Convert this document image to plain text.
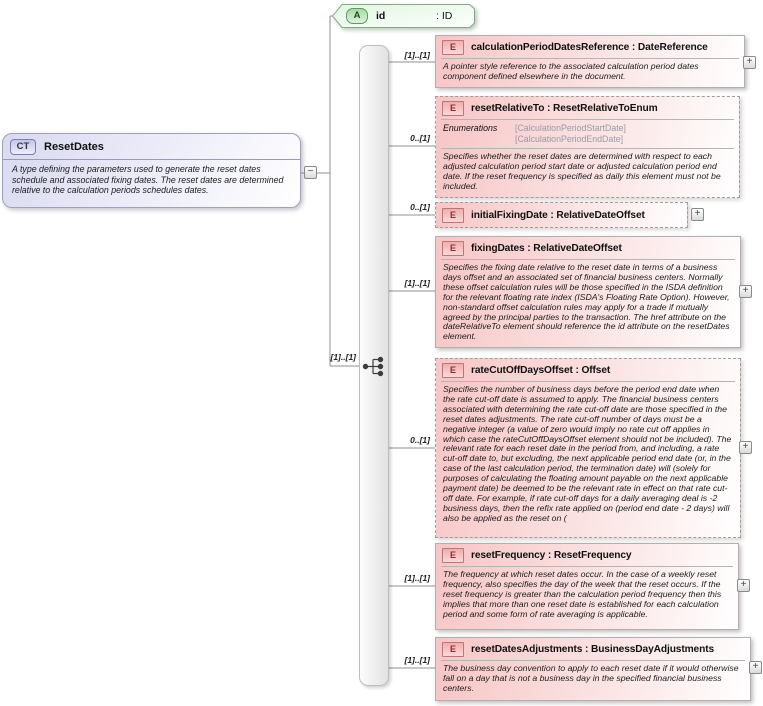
CT	ResetDates
A type defining the parameters used to generate the reset dates schedule and associated fixing dates. The reset dates are determined relative to the calculation periods schedules dates.
−
A	id	: ID
[1]..[1]
[1]..[1]
0..[1]
0..[1]
[1]..[1]
0..[1]
[1]..[1]
[1]..[1]
E	calculationPeriodDatesReference : DateReference
A pointer style reference to the associated calculation period dates component defined elsewhere in the document.
+
E	resetRelativeTo : ResetRelativeToEnum
Enumerations	[CalculationPeriodStartDate]
[CalculationPeriodEndDate]
Specifies whether the reset dates are determined with respect to each adjusted calculation period start date or adjusted calculation period end date. If the reset frequency is specified as daily this element must not be included.
E	initialFixingDate : RelativeDateOffset	+
E	fixingDates : RelativeDateOffset
Specifies the fixing date relative to the reset date in terms of a business days offset and an associated set of financial business centers. Normally these offset calculation rules will be those specified in the ISDA definition for the relevant floating rate index (ISDA's Floating Rate Option). However, non-standard offset calculation rules may apply for a trade if mutually agreed by the principal parties to the transaction. The href attribute on the dateRelativeTo element should reference the id attribute on the resetDates element.
+
E	rateCutOffDaysOffset : Offset
Specifies the number of business days before the period end date when the rate cut-off date is assumed to apply. The financial business centers associated with determining the rate cut-off date are those specified in the reset dates adjustments. The rate cut-off number of days must be a negative integer (a value of zero would imply no rate cut off applies in which case the rateCutOffDaysOffset element should not be included). The relevant rate for each reset date in the period from, and including, a rate cut-off date to, but excluding, the next applicable period end date (or, in the case of the last calculation period, the termination date) will (solely for purposes of calculating the floating amount payable on the next applicable payment date) be deemed to be the relevant rate in effect on that rate cut-off date. For example, if rate cut-off days for a daily averaging deal is -2 business days, then the refix rate applied on (period end date - 2 days) will also be applied as the reset on (
+
E	resetFrequency : ResetFrequency
The frequency at which reset dates occur. In the case of a weekly reset frequency, also specifies the day of the week that the reset occurs. If the reset frequency is greater than the calculation period frequency then this implies that more than one reset date is established for each calculation period and some form of rate averaging is applicable.
+
E	resetDatesAdjustments : BusinessDayAdjustments
The business day convention to apply to each reset date if it would otherwise fall on a day that is not a business day in the specified financial business centers.
+
